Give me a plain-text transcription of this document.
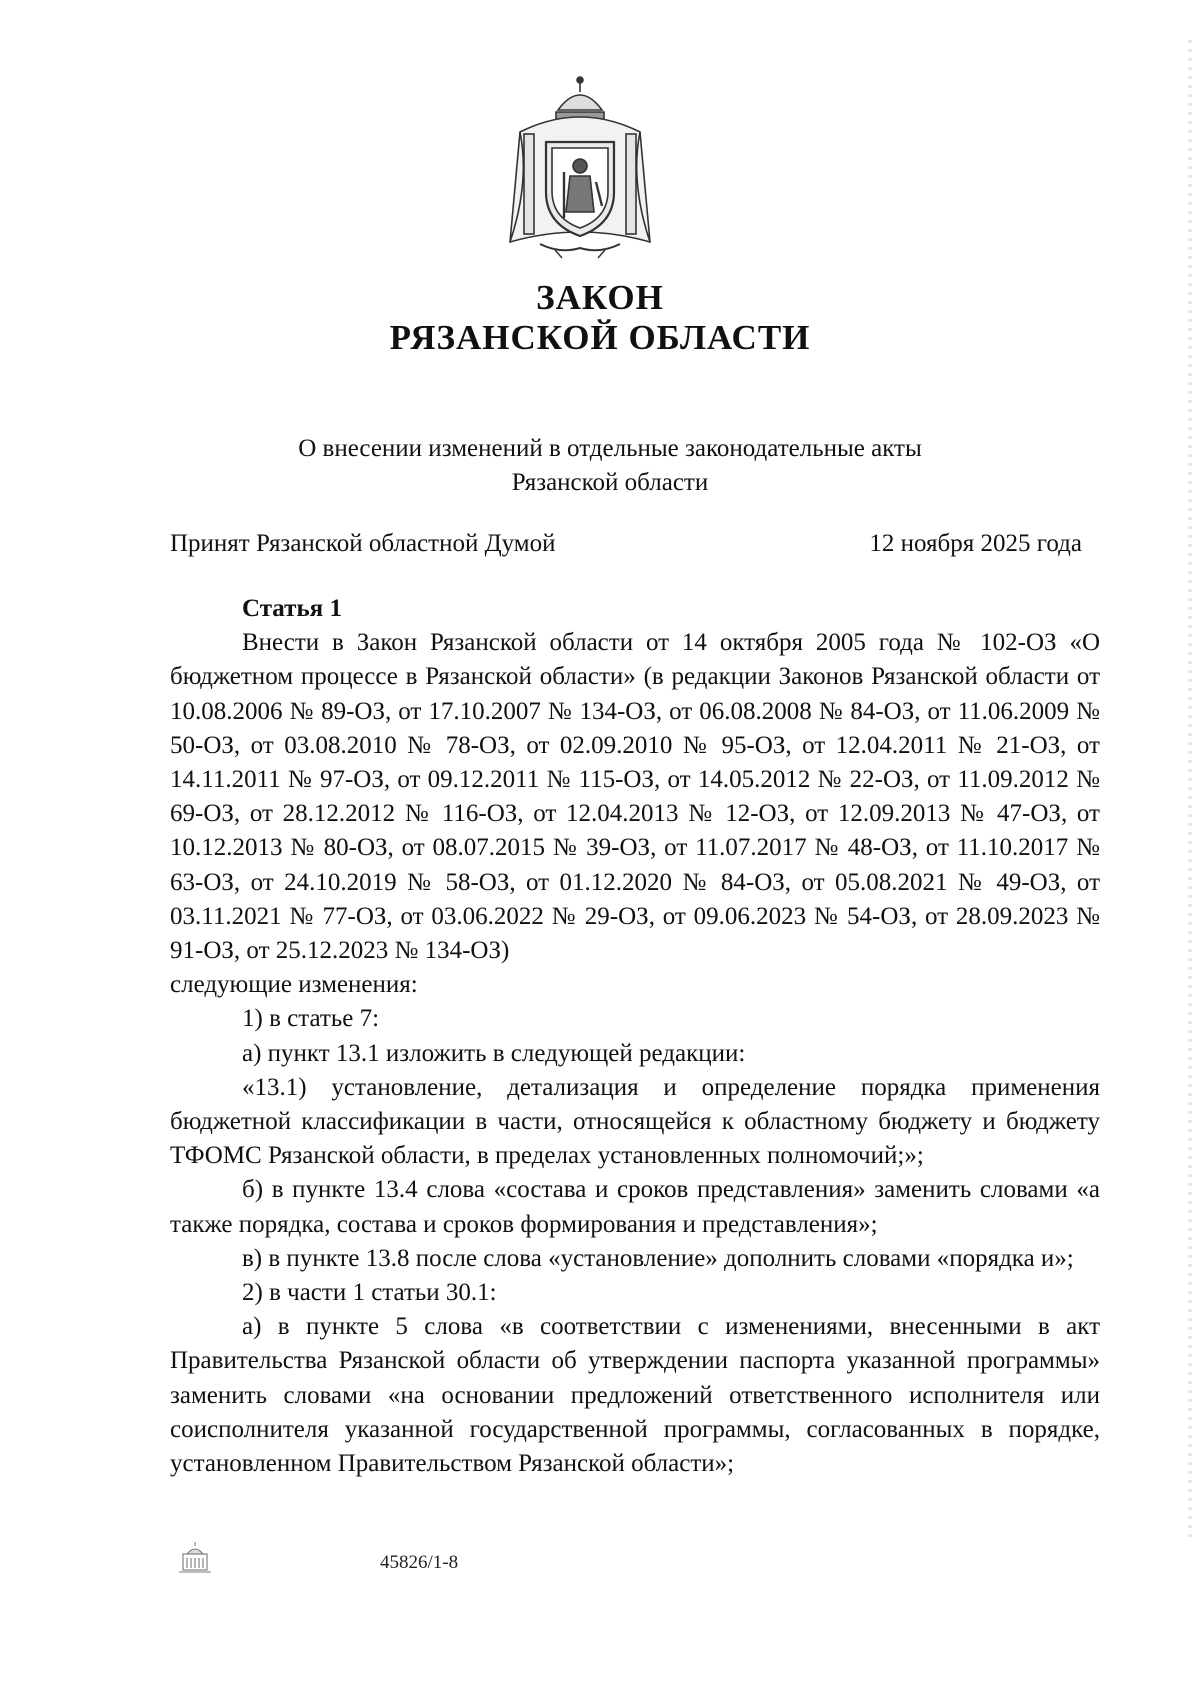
ЗАКОН
РЯЗАНСКОЙ ОБЛАСТИ
О внесении изменений в отдельные законодательные акты
Рязанской области
Принят Рязанской областной Думой	12 ноября 2025 года

Статья 1

Внести в Закон Рязанской области от 14 октября 2005 года № 102-ОЗ «О бюджетном процессе в Рязанской области» (в редакции Законов Рязанской области от 10.08.2006 № 89-ОЗ, от 17.10.2007 № 134-ОЗ, от 06.08.2008 № 84-ОЗ, от 11.06.2009 № 50-ОЗ, от 03.08.2010 № 78-ОЗ, от 02.09.2010 № 95-ОЗ, от 12.04.2011 № 21-ОЗ, от 14.11.2011 № 97-ОЗ, от 09.12.2011 № 115-ОЗ, от 14.05.2012 № 22-ОЗ, от 11.09.2012 № 69-ОЗ, от 28.12.2012 № 116-ОЗ, от 12.04.2013 № 12-ОЗ, от 12.09.2013 № 47-ОЗ, от 10.12.2013 № 80-ОЗ, от 08.07.2015 № 39-ОЗ, от 11.07.2017 № 48-ОЗ, от 11.10.2017 № 63-ОЗ, от 24.10.2019 № 58-ОЗ, от 01.12.2020 № 84-ОЗ, от 05.08.2021 № 49-ОЗ, от 03.11.2021 № 77-ОЗ, от 03.06.2022 № 29-ОЗ, от 09.06.2023 № 54-ОЗ, от 28.09.2023 № 91-ОЗ, от 25.12.2023 № 134-ОЗ)

следующие изменения:

1) в статье 7:

а) пункт 13.1 изложить в следующей редакции:

«13.1) установление, детализация и определение порядка применения бюджетной классификации в части, относящейся к областному бюджету и бюджету ТФОМС Рязанской области, в пределах установленных полномочий;»;

б) в пункте 13.4 слова «состава и сроков представления» заменить словами «а также порядка, состава и сроков формирования и представления»;

в) в пункте 13.8 после слова «установление» дополнить словами «порядка и»;

2) в части 1 статьи 30.1:

а) в пункте 5 слова «в соответствии с изменениями, внесенными в акт Правительства Рязанской области об утверждении паспорта указанной программы» заменить словами «на основании предложений ответственного исполнителя или соисполнителя указанной государственной программы, согласованных в порядке, установленном Правительством Рязанской области»;

45826/1-8
